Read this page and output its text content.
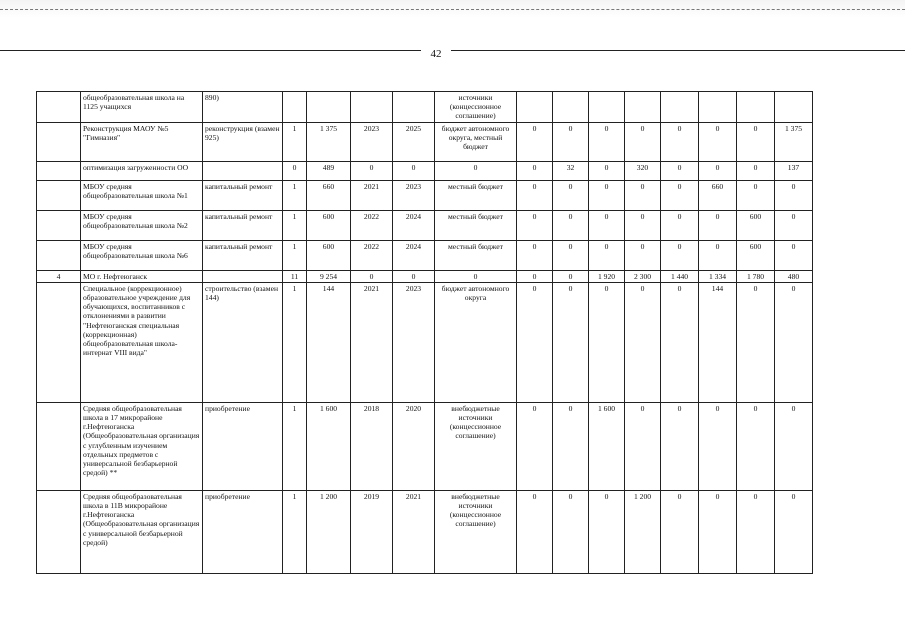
42
	общеобразовательная школа на 1125 учащихся	890)					источники (концессионное соглашение)								
	Реконструкция МАОУ №5 "Гимназия"	реконструкция (взамен 925)	1	1 375	2023	2025	бюджет автономного округа, местный бюджет	0	0	0	0	0	0	0	1 375
	оптимизация загруженности ОО		0	489	0	0	0	0	32	0	320	0	0	0	137
	МБОУ средняя общеобразовательная школа №1	капитальный ремонт	1	660	2021	2023	местный бюджет	0	0	0	0	0	660	0	0
	МБОУ средняя общеобразовательная школа №2	капитальный ремонт	1	600	2022	2024	местный бюджет	0	0	0	0	0	0	600	0
	МБОУ средняя общеобразовательная школа №6	капитальный ремонт	1	600	2022	2024	местный бюджет	0	0	0	0	0	0	600	0
4	МО г. Нефтеюганск		11	9 254	0	0	0	0	0	1 920	2 300	1 440	1 334	1 780	480
	Специальное (коррекционное) образовательное учреждение для обучающихся, воспитанников с отклонениями в развитии "Нефтеюганская специальная (коррекционная) общеобразовательная школа-интернат VIII вида"	строительство (взамен 144)	1	144	2021	2023	бюджет автономного округа	0	0	0	0	0	144	0	0
	Средняя общеобразовательная школа в 17 микрорайоне г.Нефтеюганска (Общеобразовательная организация с углубленным изучением отдельных предметов с универсальной безбарьерной средой) **	приобретение	1	1 600	2018	2020	внебюджетные источники (концессионное соглашение)	0	0	1 600	0	0	0	0	0
	Средняя общеобразовательная школа в 11В микрорайоне г.Нефтеюганска (Общеобразовательная организация с универсальной безбарьерной средой)	приобретение	1	1 200	2019	2021	внебюджетные источники (концессионное соглашение)	0	0	0	1 200	0	0	0	0
